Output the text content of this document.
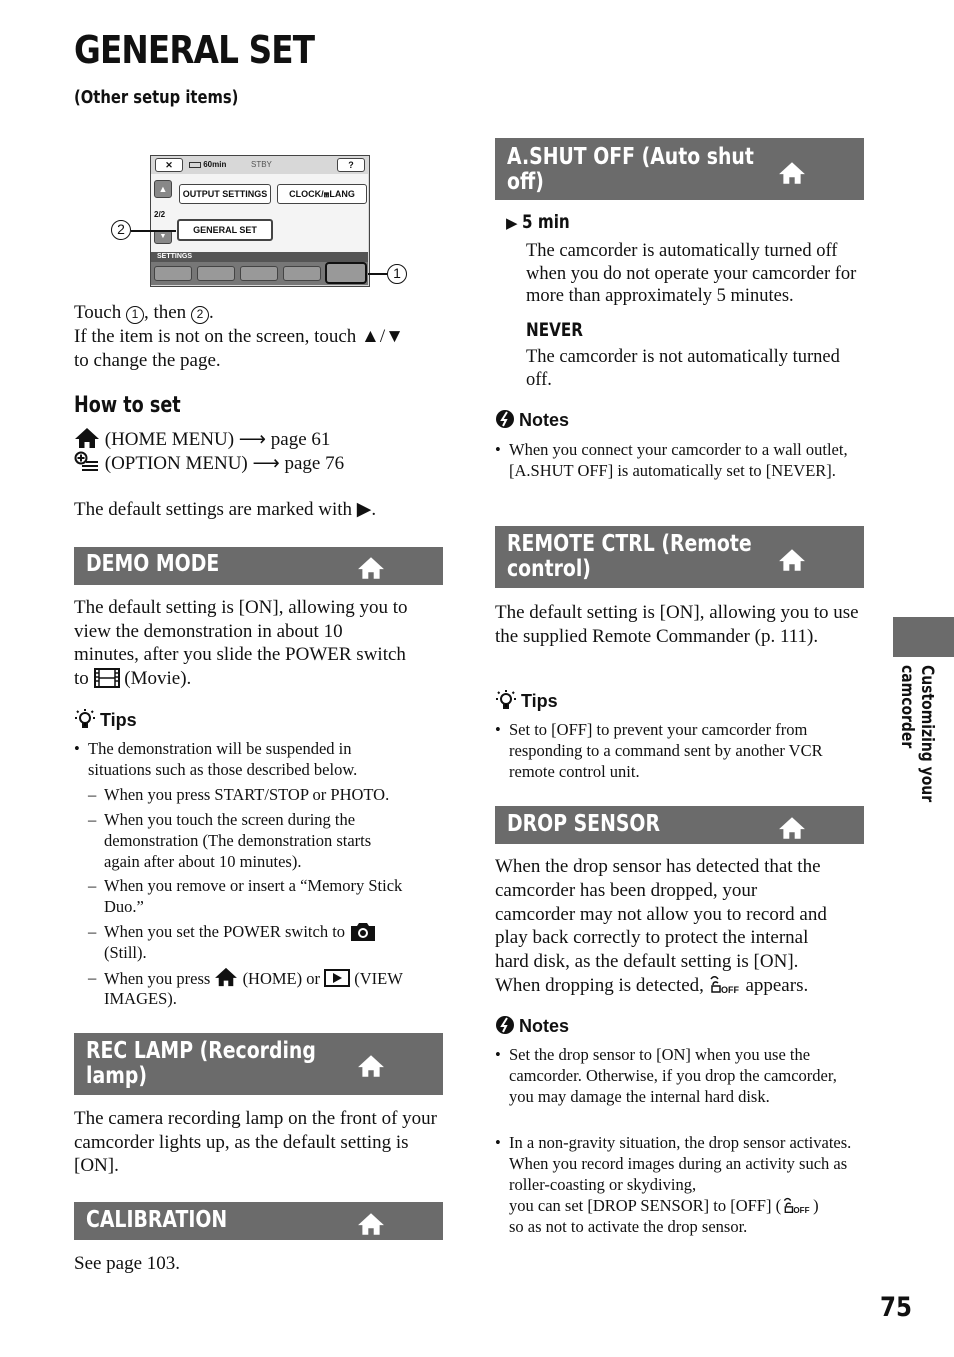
GENERAL SET
(Other setup items)
✕	60min	STBY	?
▲
2/2
▼
OUTPUT SETTINGS	CLOCK/⧆LANG
GENERAL SET
SETTINGS
2
1
Touch 1 , then 2 .
If the item is not on the screen, touch ▲/▼
to change the page.
How to set
(HOME MENU) ⟶ page 61
(OPTION MENU) ⟶ page 76
The default settings are marked with ▶.
DEMO MODE
The default setting is [ON], allowing you to
view the demonstration in about 10
minutes, after you slide the POWER switch
to (Movie).
Tips
• The demonstration will be suspended in situations such as those described below.
– When you press START/STOP or PHOTO.
– When you touch the screen during the demonstration (The demonstration starts again after about 10 minutes).
– When you remove or insert a “Memory Stick Duo.”
– When you set the POWER switch to
(Still).
– When you press (HOME) or (VIEW
IMAGES).
REC LAMP (Recording
lamp)
The camera recording lamp on the front of your camcorder lights up, as the default setting is [ON].
CALIBRATION
See page 103.
A.SHUT OFF (Auto shut
off)
▶ 5 min
The camcorder is automatically turned off when you do not operate your camcorder for more than approximately 5 minutes.
NEVER
The camcorder is not automatically turned off.
Notes
• When you connect your camcorder to a wall outlet, [A.SHUT OFF] is automatically set to [NEVER].
REMOTE CTRL (Remote
control)
The default setting is [ON], allowing you to use the supplied Remote Commander (p. 111).
Tips
• Set to [OFF] to prevent your camcorder from responding to a command sent by another VCR remote control unit.
DROP SENSOR
When the drop sensor has detected that the
camcorder has been dropped, your
camcorder may not allow you to record and
play back correctly to protect the internal
hard disk, as the default setting is [ON].
When dropping is detected, OFF appears.
Notes
• Set the drop sensor to [ON] when you use the camcorder. Otherwise, if you drop the camcorder, you may damage the internal hard disk.
• In a non-gravity situation, the drop sensor activates. When you record images during an activity such as roller-coasting or skydiving,
you can set [DROP SENSOR] to [OFF] ( OFF )
so as not to activate the drop sensor.
Customizing your camcorder
75
